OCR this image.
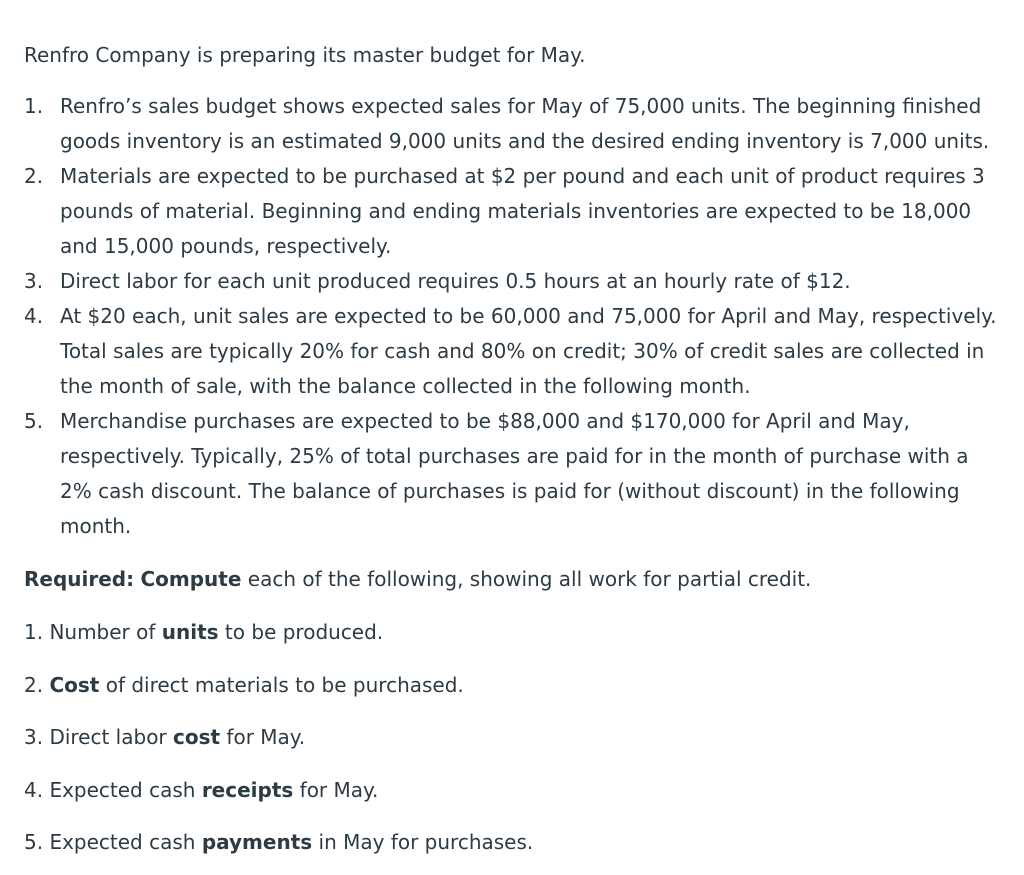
Renfro Company is preparing its master budget for May.

1. Renfro’s sales budget shows expected sales for May of 75,000 units. The beginning finished goods inventory is an estimated 9,000 units and the desired ending inventory is 7,000 units.
2. Materials are expected to be purchased at $2 per pound and each unit of product requires 3 pounds of material. Beginning and ending materials inventories are expected to be 18,000 and 15,000 pounds, respectively.
3. Direct labor for each unit produced requires 0.5 hours at an hourly rate of $12.
4. At $20 each, unit sales are expected to be 60,000 and 75,000 for April and May, respectively. Total sales are typically 20% for cash and 80% on credit; 30% of credit sales are collected in the month of sale, with the balance collected in the following month.
5. Merchandise purchases are expected to be $88,000 and $170,000 for April and May, respectively. Typically, 25% of total purchases are paid for in the month of purchase with a 2% cash discount. The balance of purchases is paid for (without discount) in the following month.

Required: Compute each of the following, showing all work for partial credit.

1. Number of units to be produced.

2. Cost of direct materials to be purchased.

3. Direct labor cost for May.

4. Expected cash receipts for May.

5. Expected cash payments in May for purchases.
